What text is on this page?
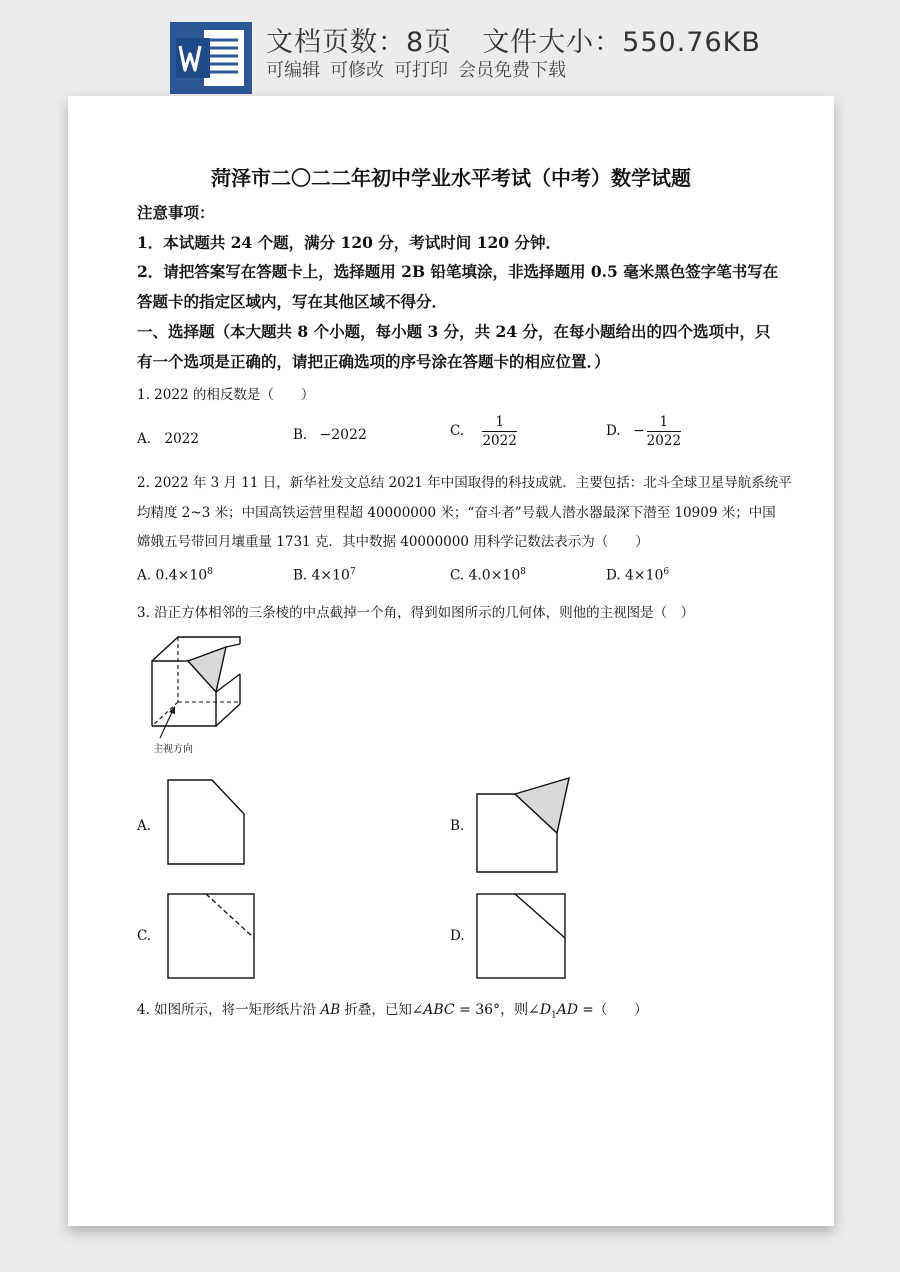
文档页数：8页 文件大小：550.76KB
可编辑 可修改 可打印 会员免费下载
菏泽市二〇二二年初中学业水平考试（中考）数学试题
注意事项：
1．本试题共 24 个题，满分 120 分，考试时间 120 分钟．
2．请把答案写在答题卡上，选择题用 2B 铅笔填涂，非选择题用 0.5 毫米黑色签字笔书写在
答题卡的指定区域内，写在其他区域不得分．
一、选择题（本大题共 8 个小题，每小题 3 分，共 24 分，在每小题给出的四个选项中，只
有一个选项是正确的，请把正确选项的序号涂在答题卡的相应位置．）
1. 2022 的相反数是（　　）
A． 2022	B. −2022	C. $\frac{1}{2022}$	D. − $\frac{1}{2022}$
2. 2022 年 3 月 11 日，新华社发文总结 2021 年中国取得的科技成就．主要包括：北斗全球卫星导航系统平
均精度 2~3 米；中国高铁运营里程超 40000000 米；“奋斗者”号载人潜水器最深下潜至 10909 米；中国
嫦娥五号带回月壤重量 1731 克．其中数据 40000000 用科学记数法表示为（　　）
A. $0.4\times 10^8$	B. $4\times 10^7$	C. $4.0\times 10^8$	D. $4\times 10^6$
3. 沿正方体相邻的三条棱的中点截掉一个角，得到如图所示的几何体，则他的主视图是（　）
主视方向
A.	B.
C.	D.
4. 如图所示，将一矩形纸片沿 AB 折叠，已知∠ABC = 36°，则$\angle D_1AD$ =（　　）
